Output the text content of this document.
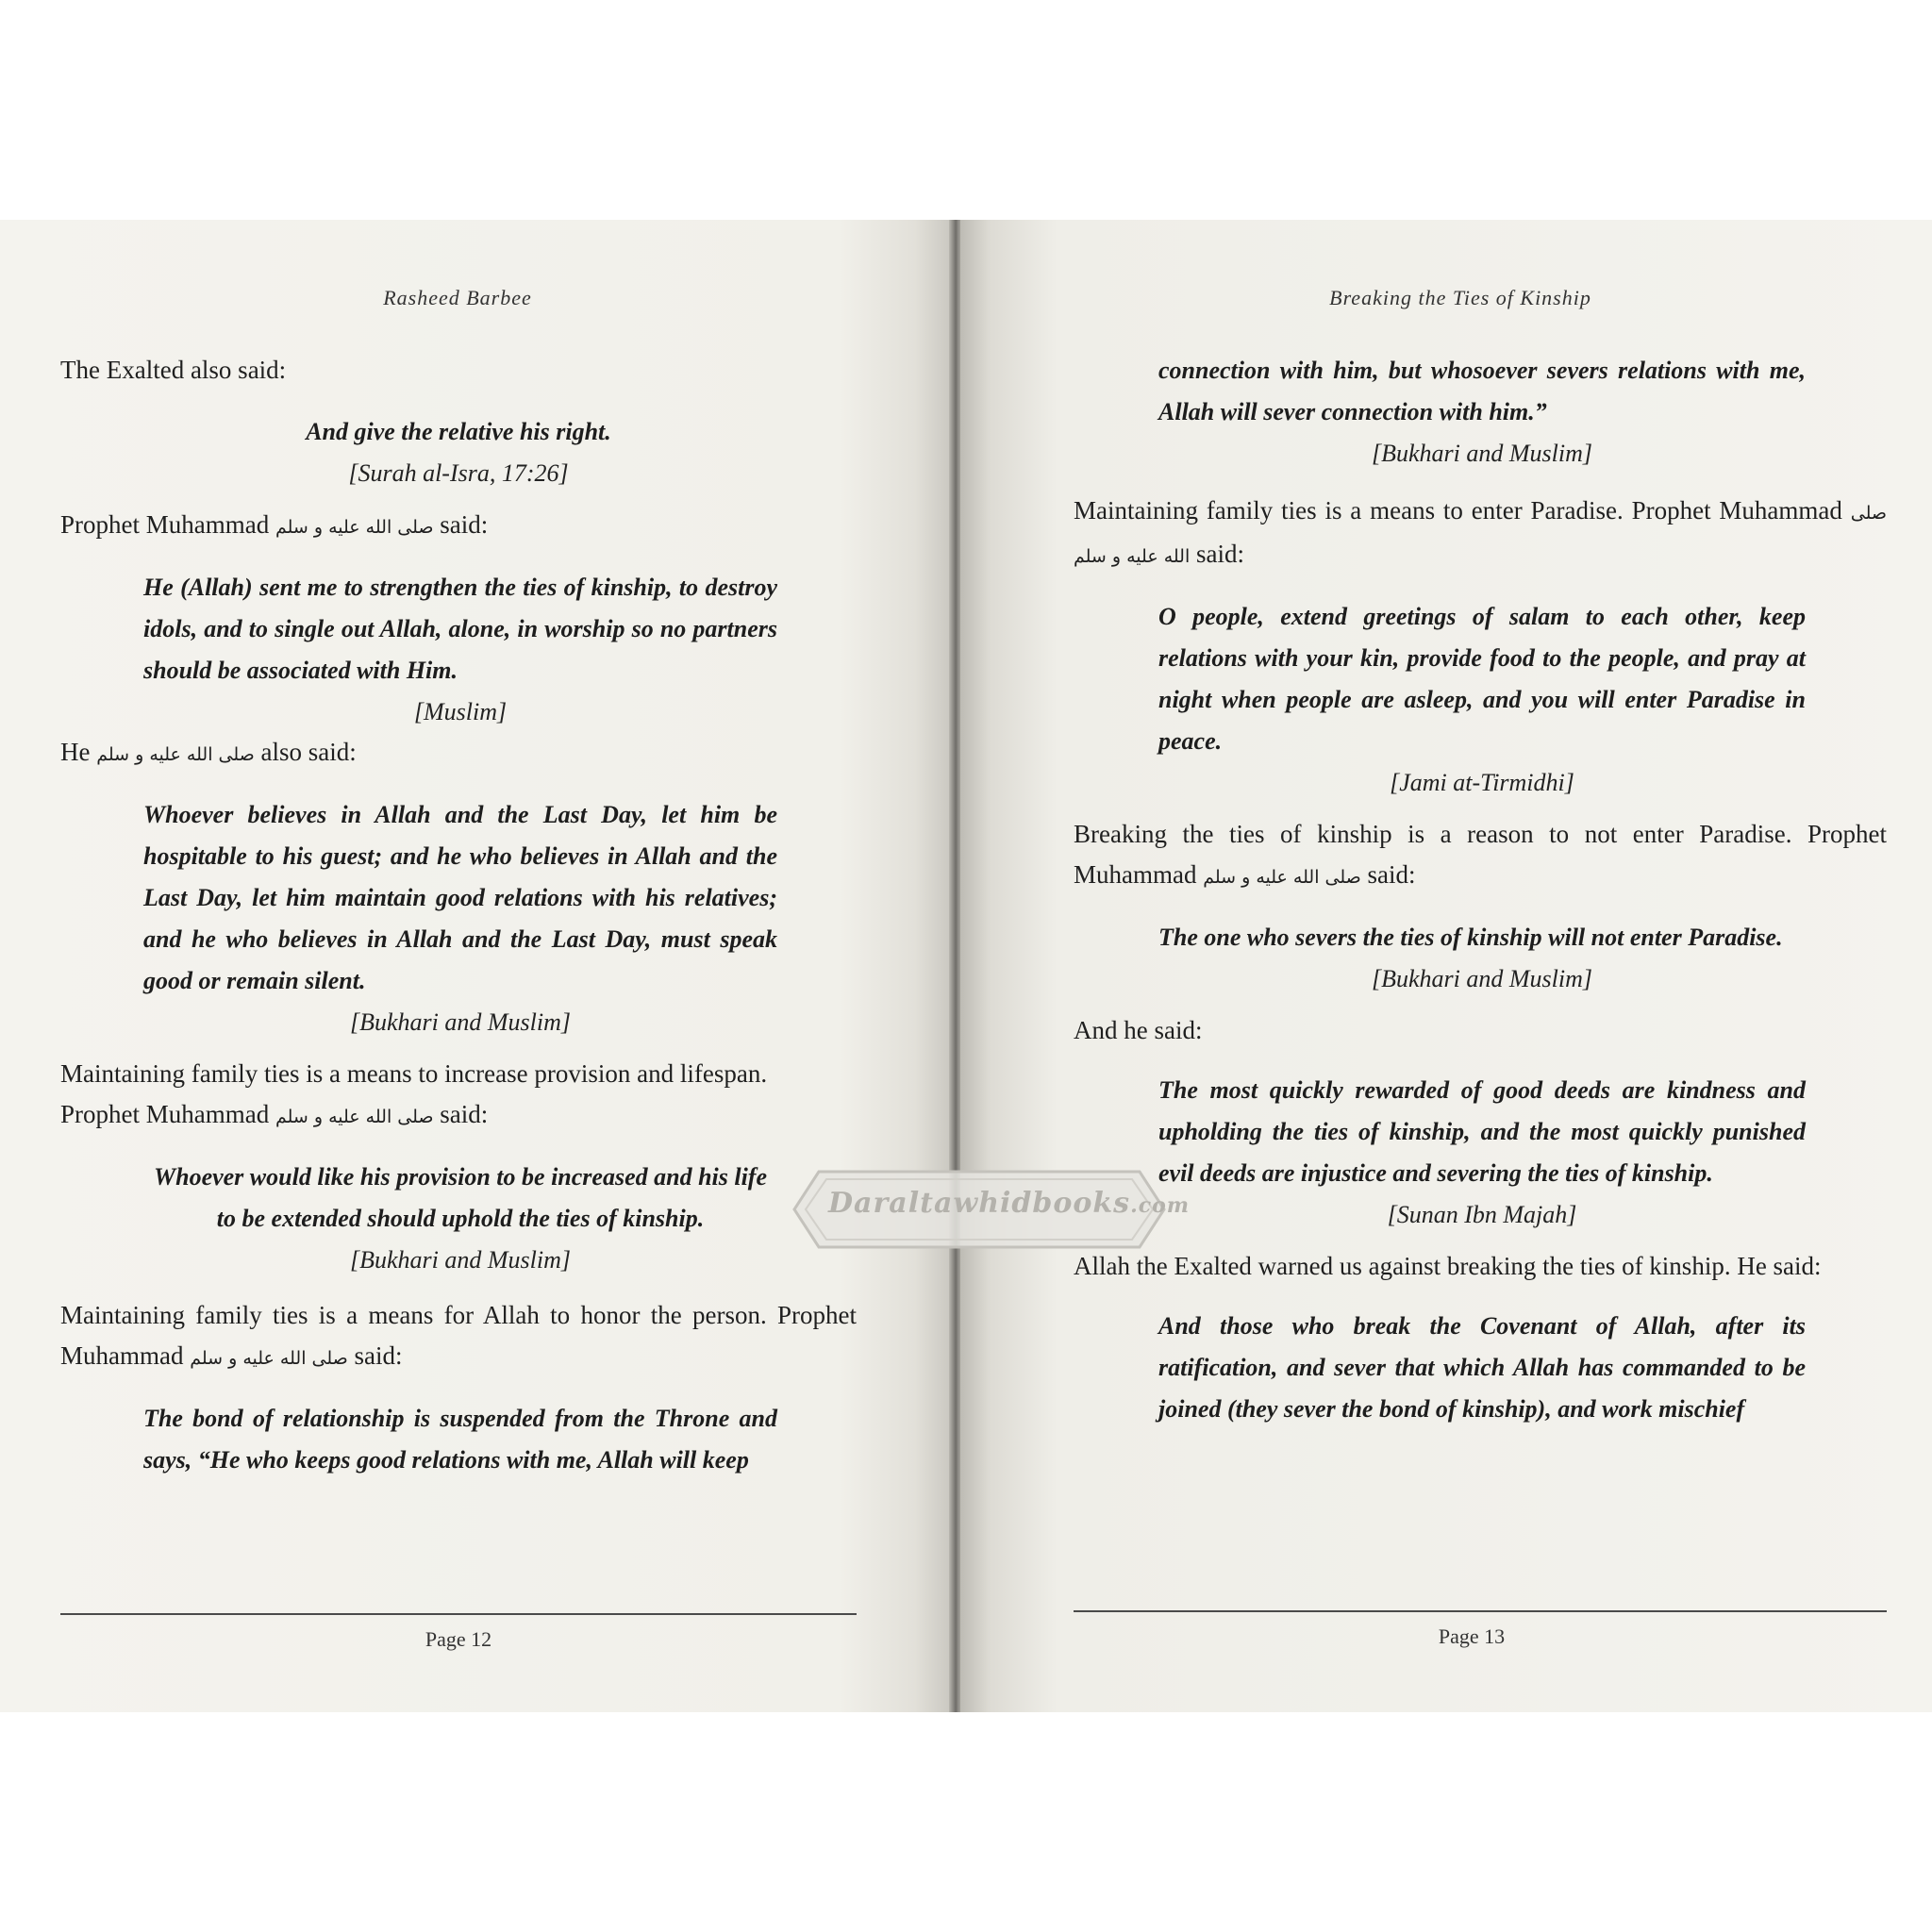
Rasheed Barbee

The Exalted also said:

And give the relative his right.

[Surah al-Isra, 17:26]

Prophet Muhammad صلى الله عليه و سلم said:

He (Allah) sent me to strengthen the ties of kinship, to destroy idols, and to single out Allah, alone, in worship so no partners should be associated with Him.

[Muslim]

He صلى الله عليه و سلم also said:

Whoever believes in Allah and the Last Day, let him be hospitable to his guest; and he who believes in Allah and the Last Day, let him maintain good relations with his relatives; and he who believes in Allah and the Last Day, must speak good or remain silent.

[Bukhari and Muslim]

Maintaining family ties is a means to increase provision and lifespan.

Prophet Muhammad صلى الله عليه و سلم said:

Whoever would like his provision to be increased and his life to be extended should uphold the ties of kinship.

[Bukhari and Muslim]

Maintaining family ties is a means for Allah to honor the person. Prophet Muhammad صلى الله عليه و سلم said:

The bond of relationship is suspended from the Throne and says, “He who keeps good relations with me, Allah will keep

Page 12
Breaking the Ties of Kinship

connection with him, but whosoever severs relations with me, Allah will sever connection with him.”

[Bukhari and Muslim]

Maintaining family ties is a means to enter Paradise. Prophet Muhammad صلى الله عليه و سلم said:

O people, extend greetings of salam to each other, keep relations with your kin, provide food to the people, and pray at night when people are asleep, and you will enter Paradise in peace.

[Jami at-Tirmidhi]

Breaking the ties of kinship is a reason to not enter Paradise. Prophet Muhammad صلى الله عليه و سلم said:

The one who severs the ties of kinship will not enter Paradise.

[Bukhari and Muslim]

And he said:

The most quickly rewarded of good deeds are kindness and upholding the ties of kinship, and the most quickly punished evil deeds are injustice and severing the ties of kinship.

[Sunan Ibn Majah]

Allah the Exalted warned us against breaking the ties of kinship. He said:

And those who break the Covenant of Allah, after its ratification, and sever that which Allah has commanded to be joined (they sever the bond of kinship), and work mischief

Page 13
Daraltawhidbooks.com
